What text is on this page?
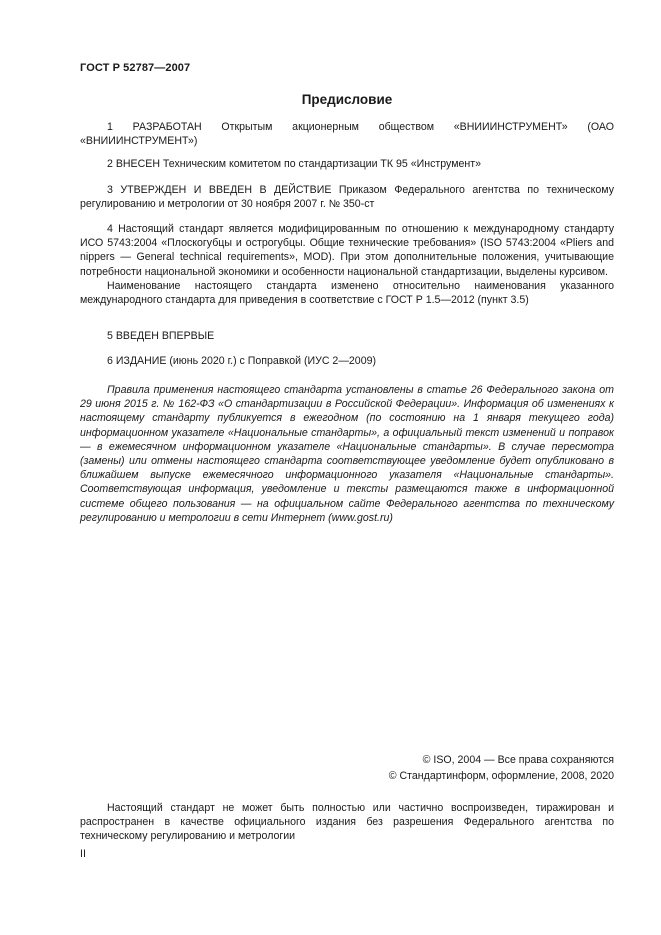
ГОСТ Р 52787—2007
Предисловие

1 РАЗРАБОТАН Открытым акционерным обществом «ВНИИИНСТРУМЕНТ» (ОАО «ВНИИИНСТРУМЕНТ»)

2 ВНЕСЕН Техническим комитетом по стандартизации ТК 95 «Инструмент»

3 УТВЕРЖДЕН И ВВЕДЕН В ДЕЙСТВИЕ Приказом Федерального агентства по техническому регулированию и метрологии от 30 ноября 2007 г. № 350-ст

4 Настоящий стандарт является модифицированным по отношению к международному стандарту ИСО 5743:2004 «Плоскогубцы и острогубцы. Общие технические требования» (ISO 5743:2004 «Pliers and nippers — General technical requirements», MOD). При этом дополнительные положения, учитывающие потребности национальной экономики и особенности национальной стандартизации, выделены курсивом.

Наименование настоящего стандарта изменено относительно наименования указанного международного стандарта для приведения в соответствие с ГОСТ Р 1.5—2012 (пункт 3.5)

5 ВВЕДЕН ВПЕРВЫЕ

6 ИЗДАНИЕ (июнь 2020 г.) с Поправкой (ИУС 2—2009)

Правила применения настоящего стандарта установлены в статье 26 Федерального закона от 29 июня 2015 г. № 162-ФЗ «О стандартизации в Российской Федерации». Информация об изменениях к настоящему стандарту публикуется в ежегодном (по состоянию на 1 января текущего года) информационном указателе «Национальные стандарты», а официальный текст изменений и поправок — в ежемесячном информационном указателе «Национальные стандарты». В случае пересмотра (замены) или отмены настоящего стандарта соответствующее уведомление будет опубликовано в ближайшем выпуске ежемесячного информационного указателя «Национальные стандарты». Соответствующая информация, уведомление и тексты размещаются также в информационной системе общего пользования — на официальном сайте Федерального агентства по техническому регулированию и метрологии в сети Интернет (www.gost.ru)

© ISO, 2004 — Все права сохраняются
© Стандартинформ, оформление, 2008, 2020

Настоящий стандарт не может быть полностью или частично воспроизведен, тиражирован и распространен в качестве официального издания без разрешения Федерального агентства по техническому регулированию и метрологии

II
